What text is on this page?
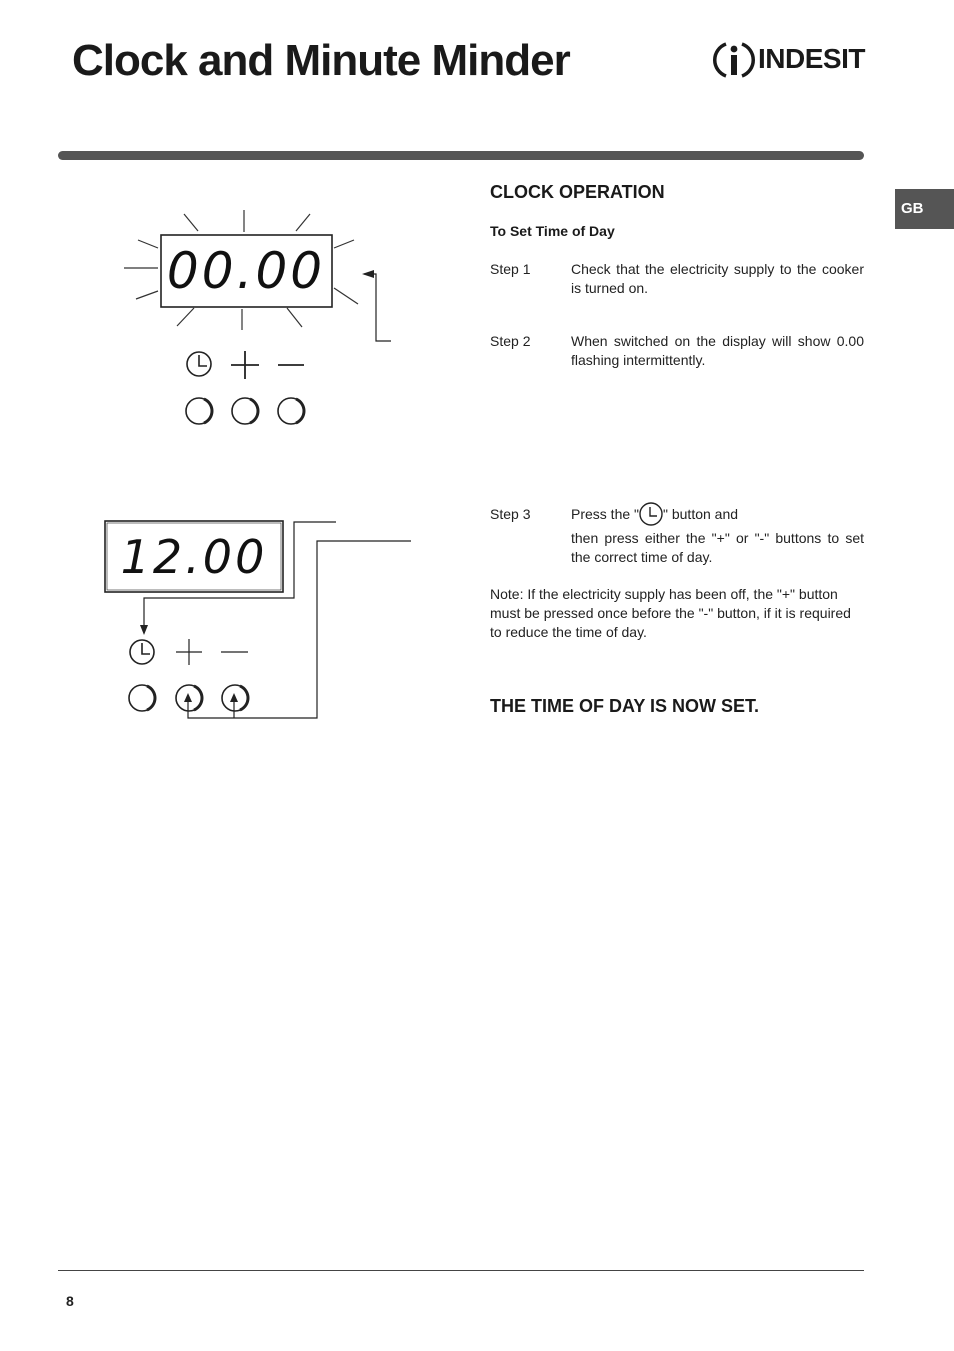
Clock and Minute Minder	INDESIT
GB
00.00
12.00
CLOCK OPERATION
To Set Time of Day
Step 1	Check that the electricity supply to the cooker is turned on.
Step 2	When switched on the display will show 0.00 flashing intermittently.
Step 3	Press the " " button and
then press either the "+" or "-" buttons to set the correct time of day.
Note: If the electricity supply has been off, the "+" button must be pressed once before the "-" button, if it is required to reduce the time of day.
THE TIME OF DAY IS NOW SET.
8
